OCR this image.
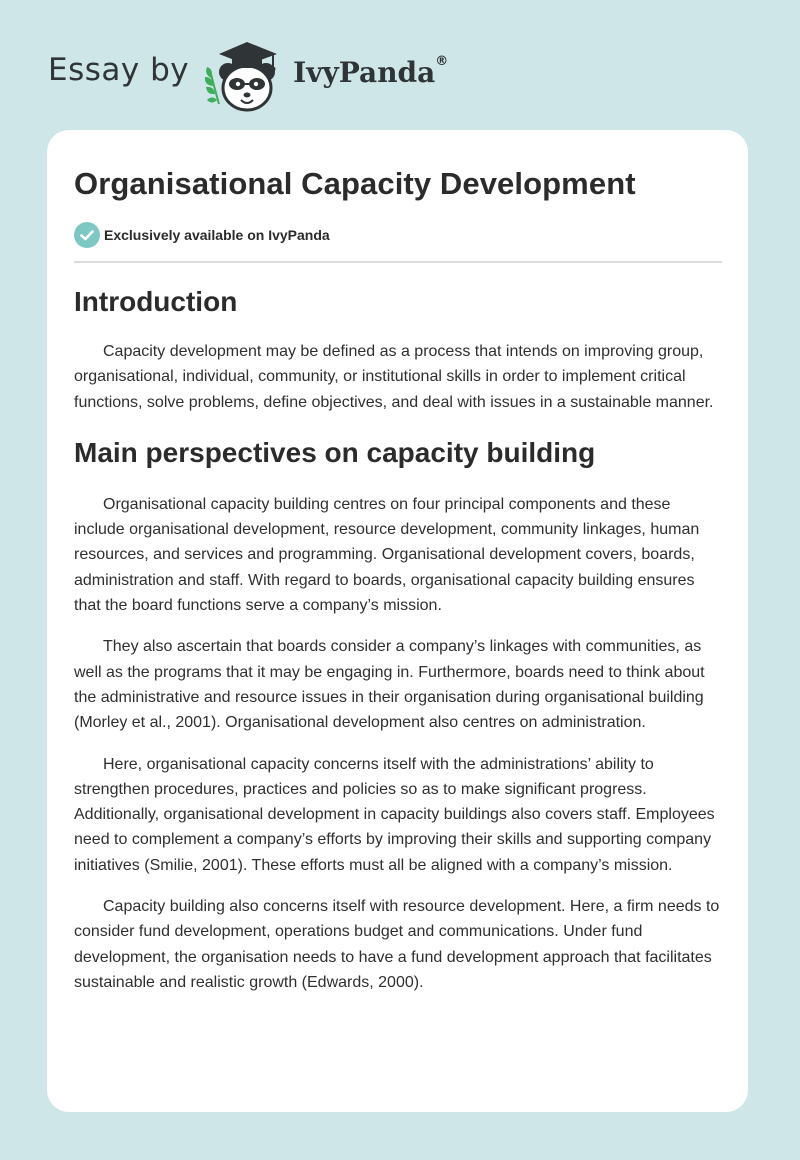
Essay by	IvyPanda®
Organisational Capacity Development
Exclusively available on IvyPanda
Introduction

Capacity development may be defined as a process that intends on improving group, organisational, individual, community, or institutional skills in order to implement critical functions, solve problems, define objectives, and deal with issues in a sustainable manner.

Main perspectives on capacity building

Organisational capacity building centres on four principal components and these include organisational development, resource development, community linkages, human resources, and services and programming. Organisational development covers, boards, administration and staff. With regard to boards, organisational capacity building ensures that the board functions serve a company’s mission.

They also ascertain that boards consider a company’s linkages with communities, as well as the programs that it may be engaging in. Furthermore, boards need to think about the administrative and resource issues in their organisation during organisational building (Morley et al., 2001). Organisational development also centres on administration.

Here, organisational capacity concerns itself with the administrations’ ability to strengthen procedures, practices and policies so as to make significant progress. Additionally, organisational development in capacity buildings also covers staff. Employees need to complement a company’s efforts by improving their skills and supporting company initiatives (Smilie, 2001). These efforts must all be aligned with a company’s mission.

Capacity building also concerns itself with resource development. Here, a firm needs to consider fund development, operations budget and communications. Under fund development, the organisation needs to have a fund development approach that facilitates sustainable and realistic growth (Edwards, 2000).
